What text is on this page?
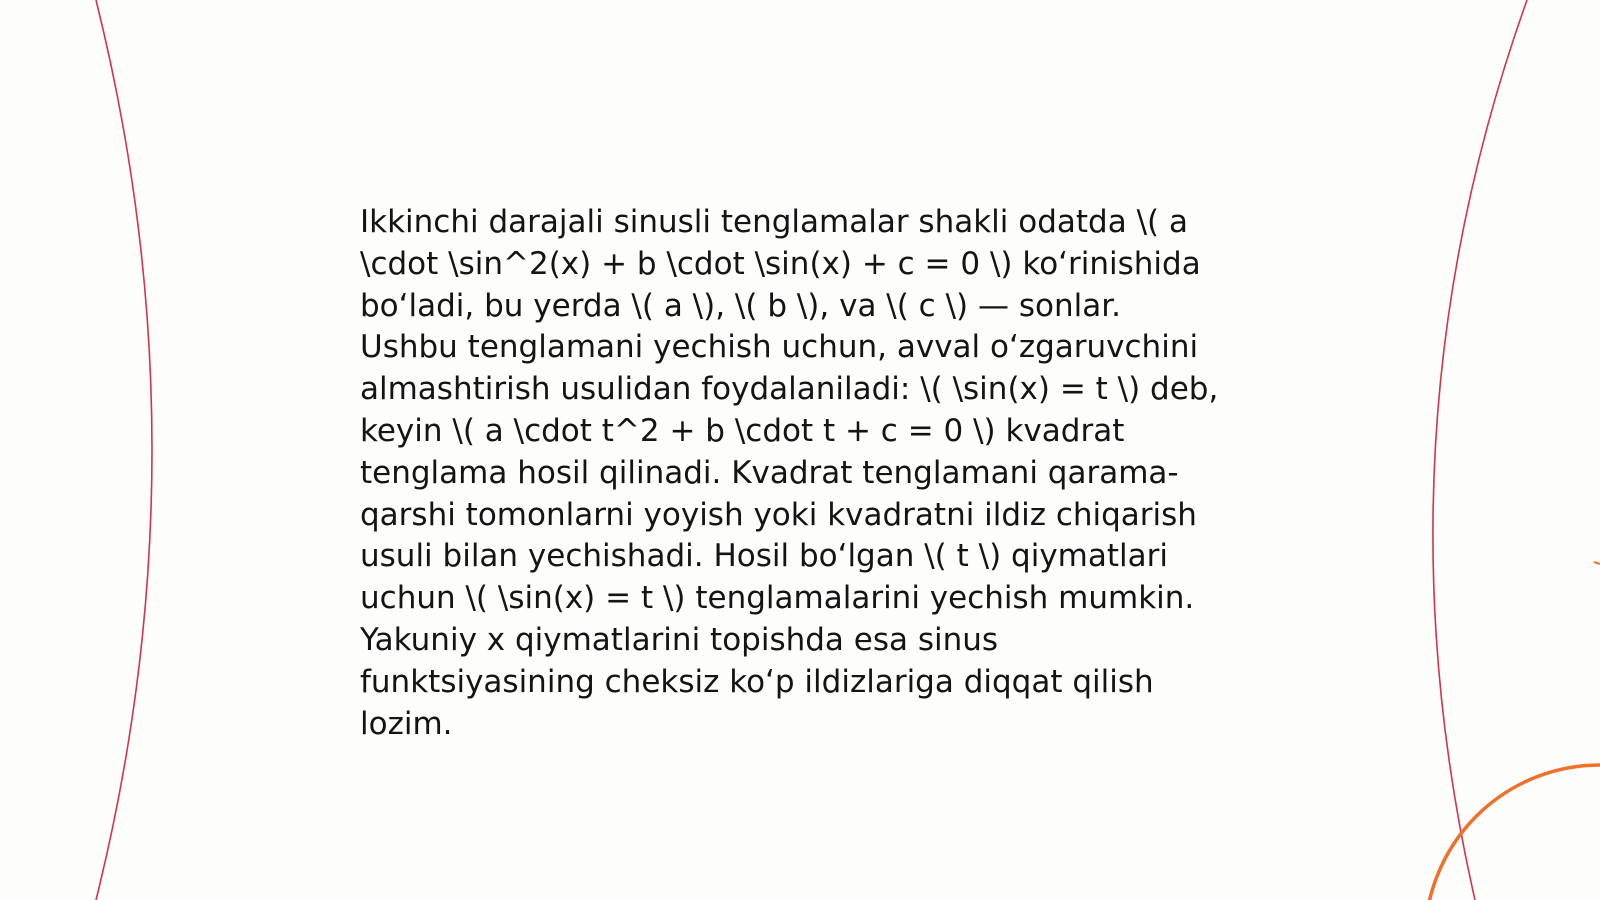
Ikkinchi darajali sinusli tenglamalar shakli odatda \( a
\cdot \sin^2(x) + b \cdot \sin(x) + c = 0 \) ko‘rinishida
bo‘ladi, bu yerda \( a \), \( b \), va \( c \) — sonlar.
Ushbu tenglamani yechish uchun, avval o‘zgaruvchini
almashtirish usulidan foydalaniladi: \( \sin(x) = t \) deb,
keyin \( a \cdot t^2 + b \cdot t + c = 0 \) kvadrat
tenglama hosil qilinadi. Kvadrat tenglamani qarama-
qarshi tomonlarni yoyish yoki kvadratni ildiz chiqarish
usuli bilan yechishadi. Hosil bo‘lgan \( t \) qiymatlari
uchun \( \sin(x) = t \) tenglamalarini yechish mumkin.
Yakuniy x qiymatlarini topishda esa sinus
funktsiyasining cheksiz ko‘p ildizlariga diqqat qilish
lozim.
